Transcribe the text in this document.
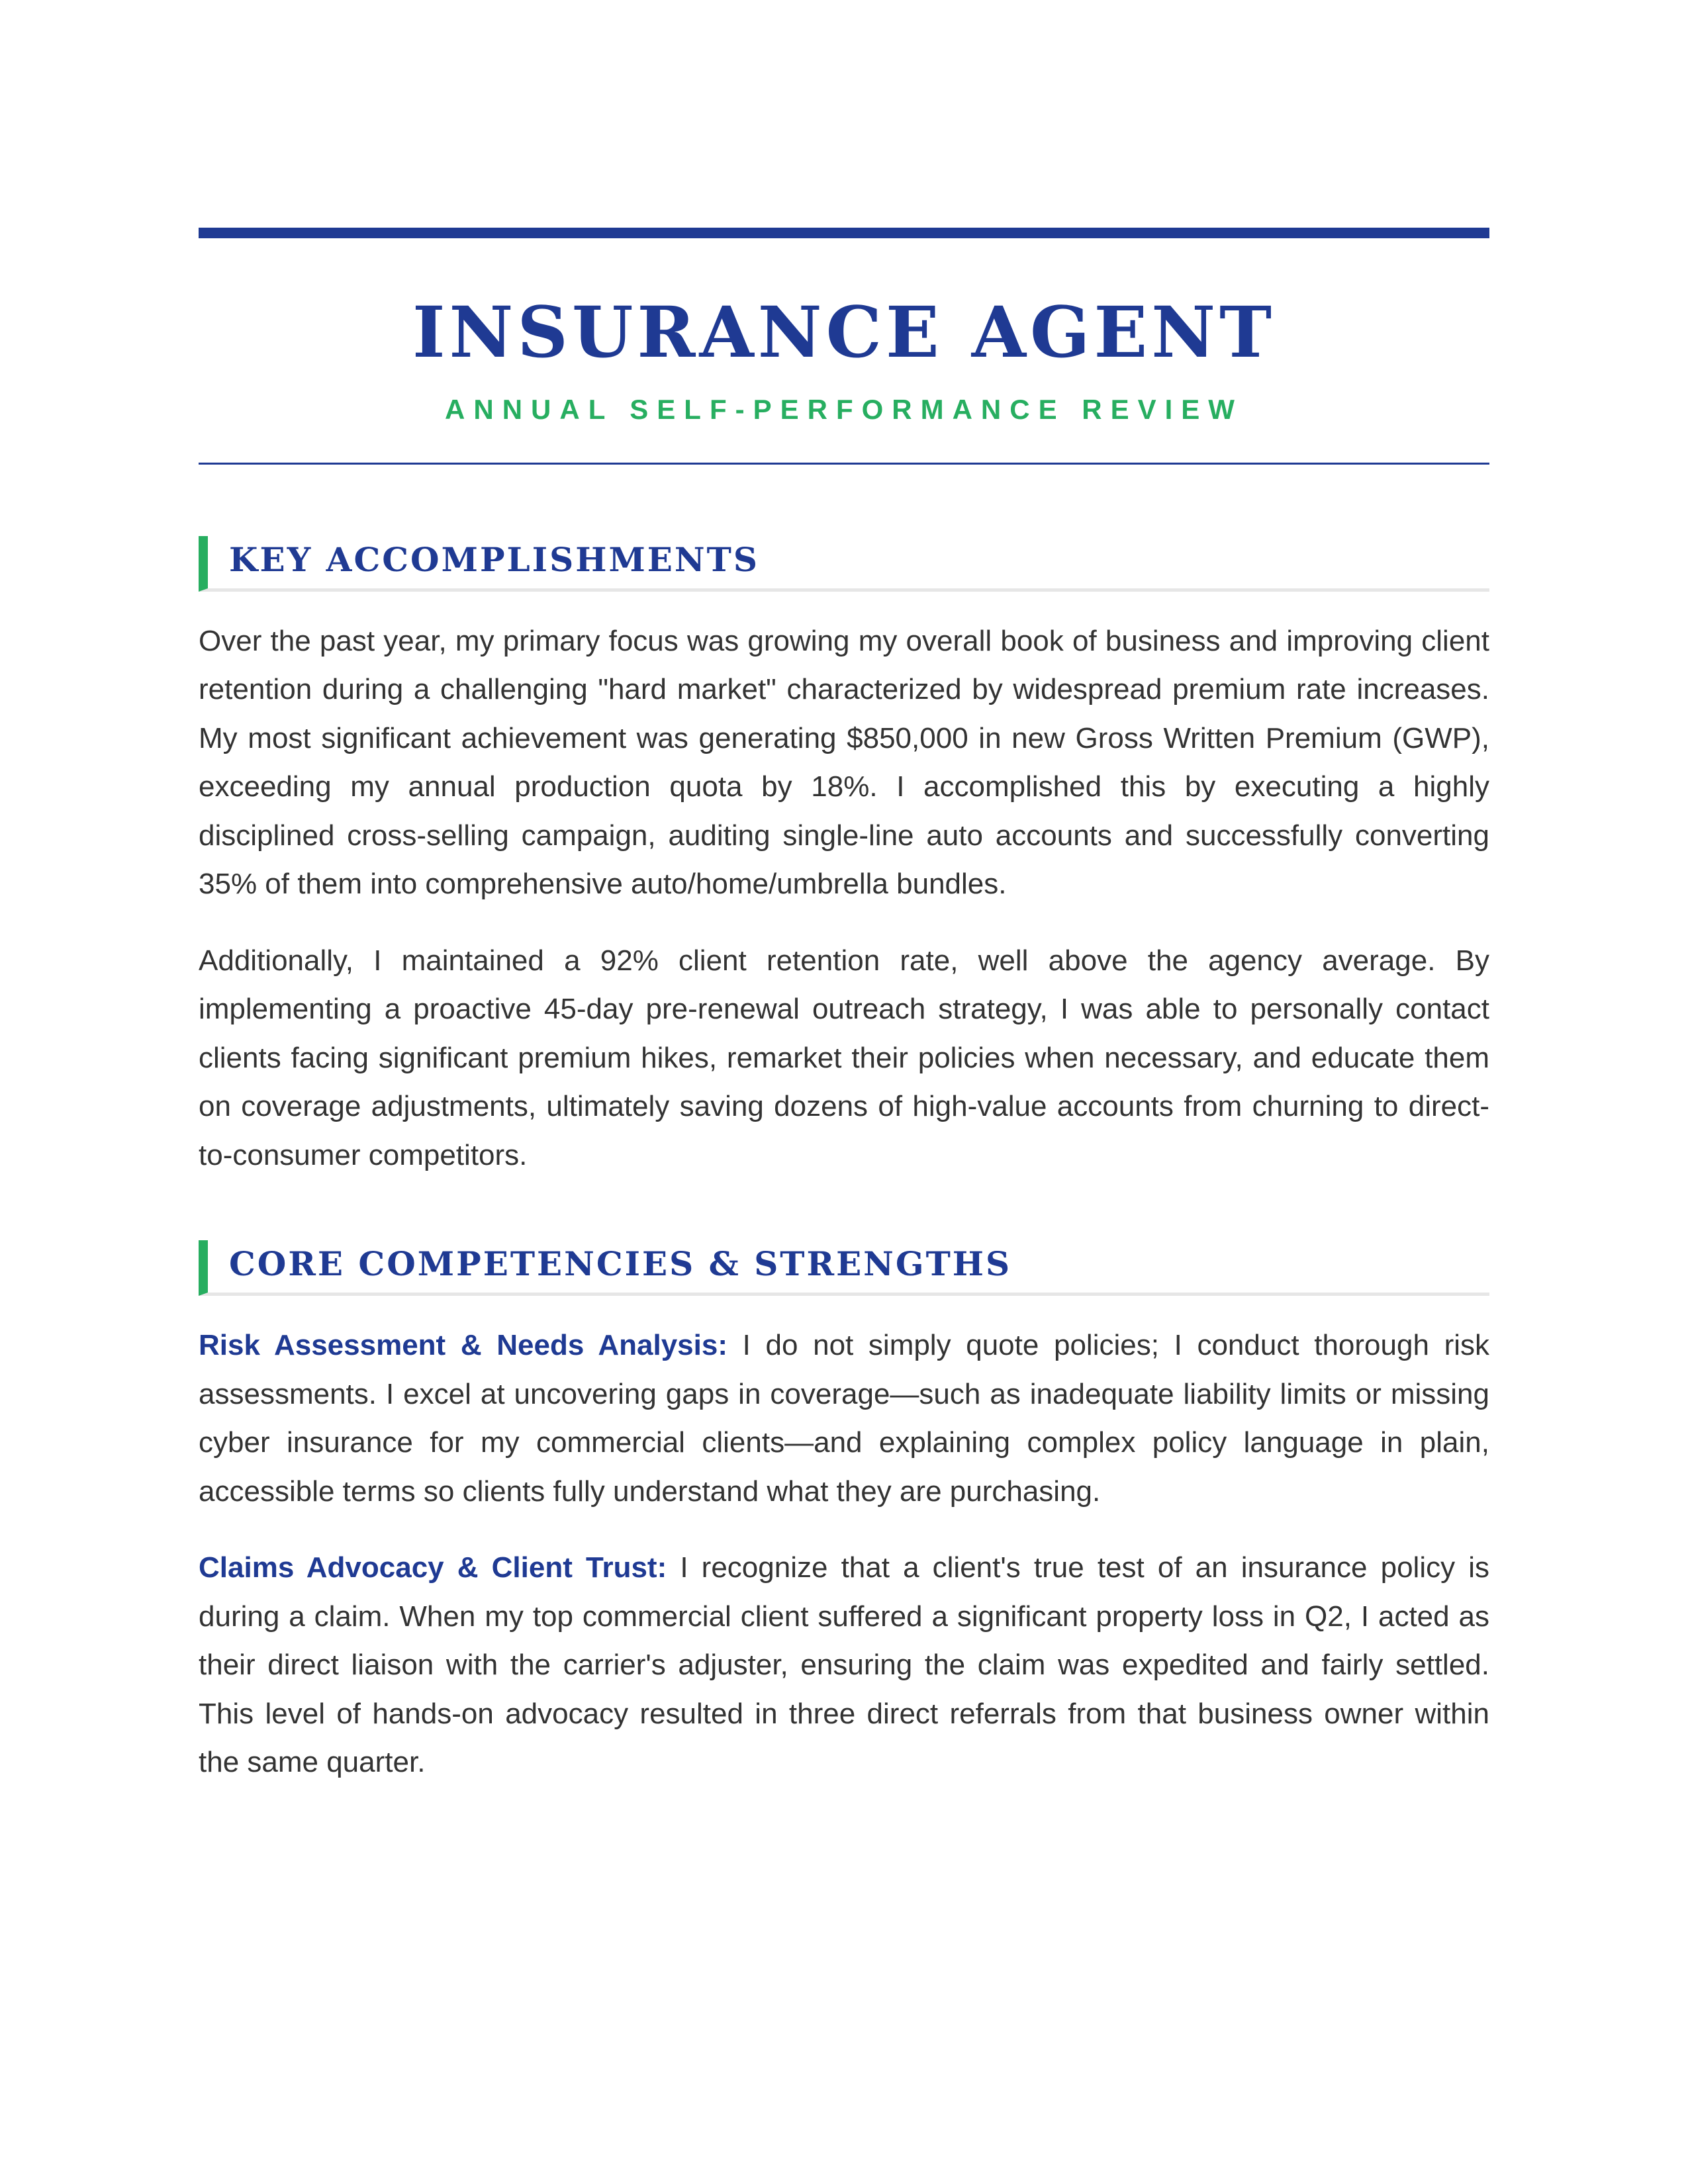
INSURANCE AGENT
ANNUAL SELF-PERFORMANCE REVIEW
KEY ACCOMPLISHMENTS

Over the past year, my primary focus was growing my overall book of business and improving client retention during a challenging "hard market" characterized by widespread premium rate increases. My most significant achievement was generating $850,000 in new Gross Written Premium (GWP), exceeding my annual production quota by 18%. I accomplished this by executing a highly disciplined cross-selling campaign, auditing single-line auto accounts and successfully converting 35% of them into comprehensive auto/home/umbrella bundles.

Additionally, I maintained a 92% client retention rate, well above the agency average. By implementing a proactive 45-day pre-renewal outreach strategy, I was able to personally contact clients facing significant premium hikes, remarket their policies when necessary, and educate them on coverage adjustments, ultimately saving dozens of high-value accounts from churning to direct-to-consumer competitors.

CORE COMPETENCIES & STRENGTHS

Risk Assessment & Needs Analysis: I do not simply quote policies; I conduct thorough risk assessments. I excel at uncovering gaps in coverage—such as inadequate liability limits or missing cyber insurance for my commercial clients—and explaining complex policy language in plain, accessible terms so clients fully understand what they are purchasing.

Claims Advocacy & Client Trust: I recognize that a client's true test of an insurance policy is during a claim. When my top commercial client suffered a significant property loss in Q2, I acted as their direct liaison with the carrier's adjuster, ensuring the claim was expedited and fairly settled. This level of hands-on advocacy resulted in three direct referrals from that business owner within the same quarter.
